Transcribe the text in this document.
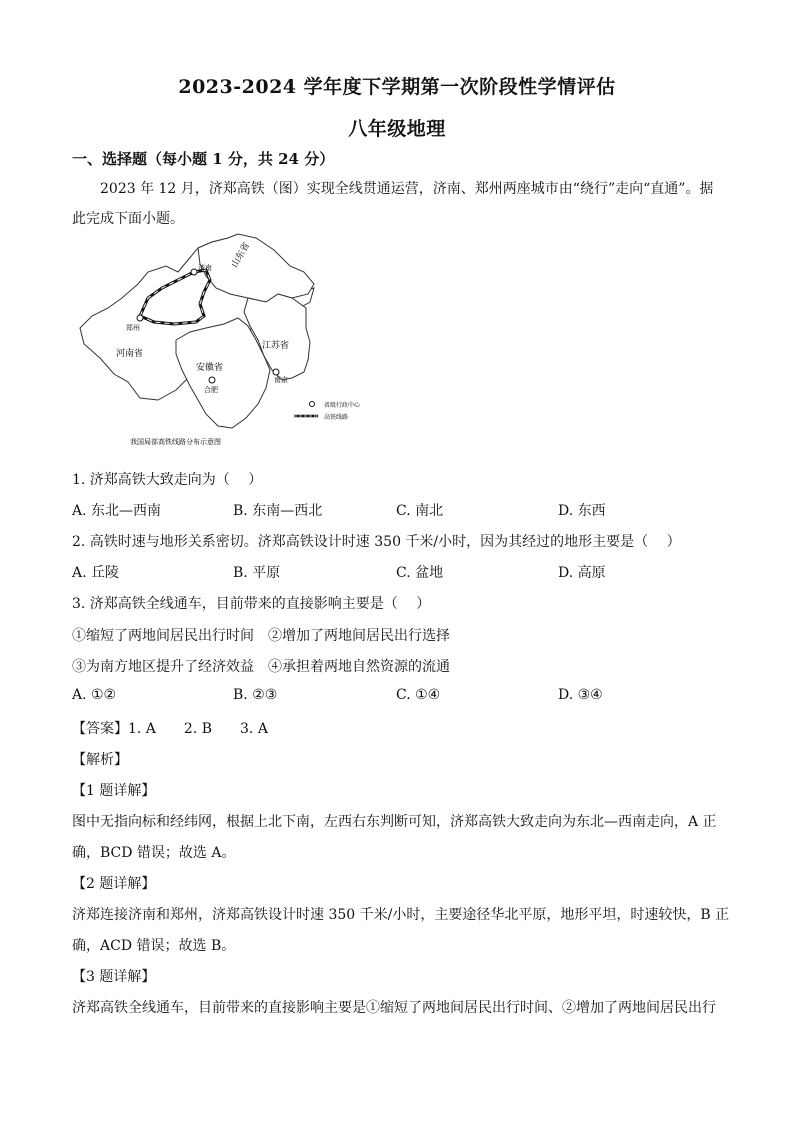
2023-2024 学年度下学期第一次阶段性学情评估
八年级地理
一、选择题（每小题 1 分，共 24 分）
2023 年 12 月，济郑高铁（图）实现全线贯通运营，济南、郑州两座城市由“绕行”走向“直通”。据
此完成下面小题。
济南
郑州
南京
合肥
山东省
河南省
江苏省
安徽省
省级行政中心
高铁线路
我国局部高铁线路分布示意图
1. 济郑高铁大致走向为（　 ）
A. 东北—西南	B. 东南—西北	C. 南北	D. 东西
2. 高铁时速与地形关系密切。济郑高铁设计时速 350 千米/小时，因为其经过的地形主要是（　 ）
A. 丘陵	B. 平原	C. 盆地	D. 高原
3. 济郑高铁全线通车，目前带来的直接影响主要是（　 ）
①缩短了两地间居民出行时间　②增加了两地间居民出行选择
③为南方地区提升了经济效益　④承担着两地自然资源的流通
A. ①②	B. ②③	C. ①④	D. ③④
【答案】1. A　　2. B　　3. A
【解析】
【1 题详解】
图中无指向标和经纬网，根据上北下南，左西右东判断可知，济郑高铁大致走向为东北—西南走向，A 正
确，BCD 错误；故选 A。
【2 题详解】
济郑连接济南和郑州，济郑高铁设计时速 350 千米/小时，主要途径华北平原，地形平坦，时速较快，B 正
确，ACD 错误；故选 B。
【3 题详解】
济郑高铁全线通车，目前带来的直接影响主要是①缩短了两地间居民出行时间、②增加了两地间居民出行
